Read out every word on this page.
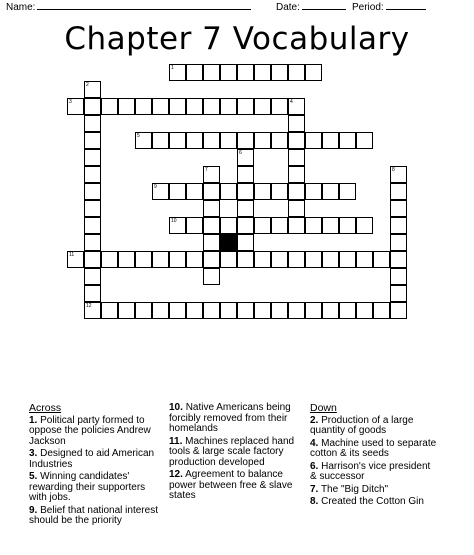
Name:	Date:	Period:
Chapter 7 Vocabulary
1
3	4
5
9
10
11
12
2
6
7	8
Across
1. Political party formed to oppose the policies Andrew Jackson
3. Designed to aid American Industries
5. Winning candidates' rewarding their supporters with jobs.
9. Belief that national interest should be the priority
10. Native Americans being forcibly removed from their homelands
11. Machines replaced hand tools & large scale factory production developed
12. Agreement to balance power between free & slave states
Down
2. Production of a large quantity of goods
4. Machine used to separate cotton & its seeds
6. Harrison's vice president & successor
7. The "Big Ditch"
8. Created the Cotton Gin
